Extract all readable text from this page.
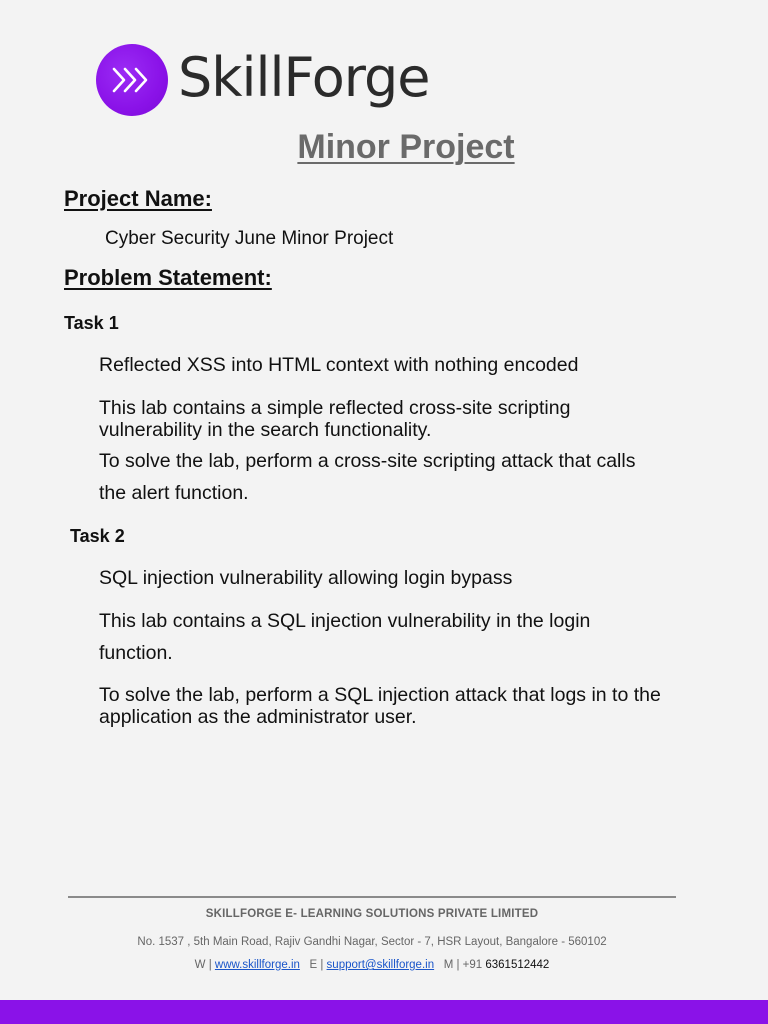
SkillForge
Minor Project
Project Name:
Cyber Security June Minor Project
Problem Statement:
Task 1
Reflected XSS into HTML context with nothing encoded
This lab contains a simple reflected cross-site scripting vulnerability in the search functionality.
To solve the lab, perform a cross-site scripting attack that calls
the alert function.
Task 2
SQL injection vulnerability allowing login bypass
This lab contains a SQL injection vulnerability in the login
function.
To solve the lab, perform a SQL injection attack that logs in to the application as the administrator user.
SKILLFORGE E- LEARNING SOLUTIONS PRIVATE LIMITED
No. 1537 , 5th Main Road, Rajiv Gandhi Nagar, Sector - 7, HSR Layout, Bangalore - 560102
W | www.skillforge.in E | support@skillforge.in M | +91 6361512442
